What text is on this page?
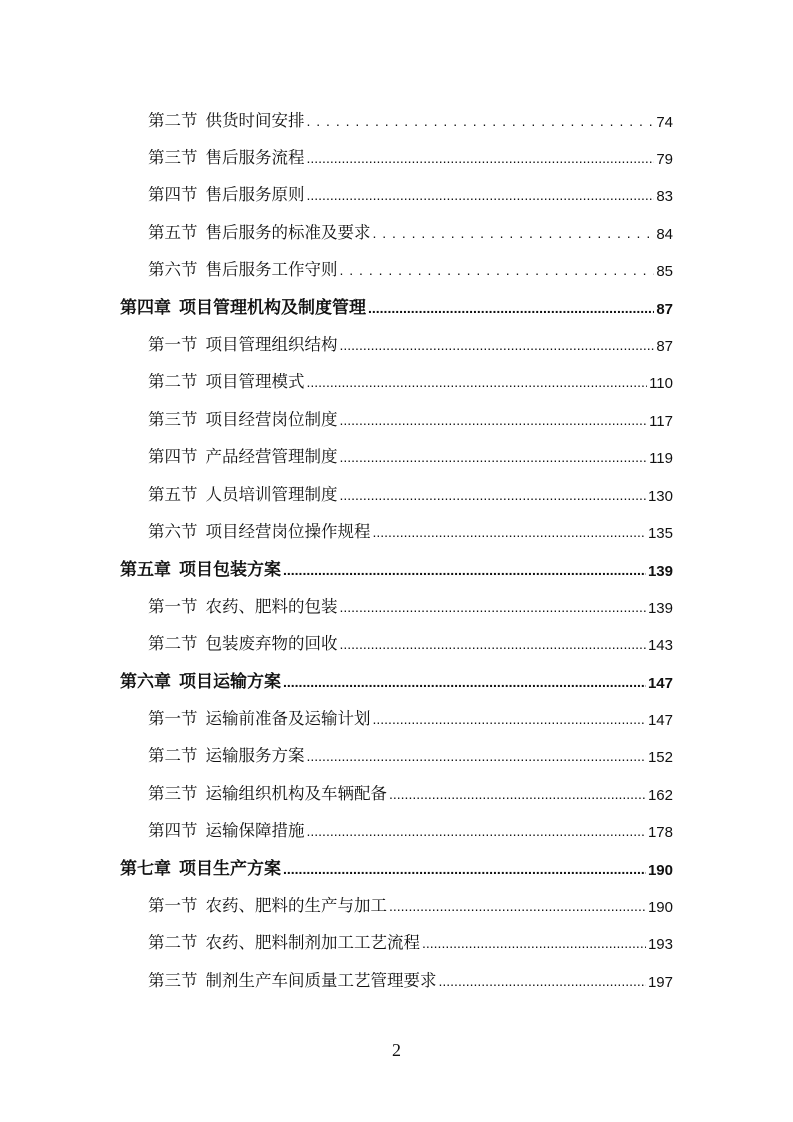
第二节 供货时间安排 . . .	74
第三节 售后服务流程 .....	79
第四节 售后服务原则 .....	83
第五节 售后服务的标准及要求 . . .	84
第六节 售后服务工作守则 . . .	85
第四章 项目管理机构及制度管理 .....	87
第一节 项目管理组织结构 .....	87
第二节 项目管理模式 .....	110
第三节 项目经营岗位制度 .....	117
第四节 产品经营管理制度 .....	119
第五节 人员培训管理制度 .....	130
第六节 项目经营岗位操作规程 .....	135
第五章 项目包装方案 .....	139
第一节 农药、肥料的包装 .....	139
第二节 包装废弃物的回收 .....	143
第六章 项目运输方案 .....	147
第一节 运输前准备及运输计划 .....	147
第二节 运输服务方案 .....	152
第三节 运输组织机构及车辆配备 .....	162
第四节 运输保障措施 .....	178
第七章 项目生产方案 .....	190
第一节 农药、肥料的生产与加工 .....	190
第二节 农药、肥料制剂加工工艺流程 .....	193
第三节 制剂生产车间质量工艺管理要求 .....	197
2
